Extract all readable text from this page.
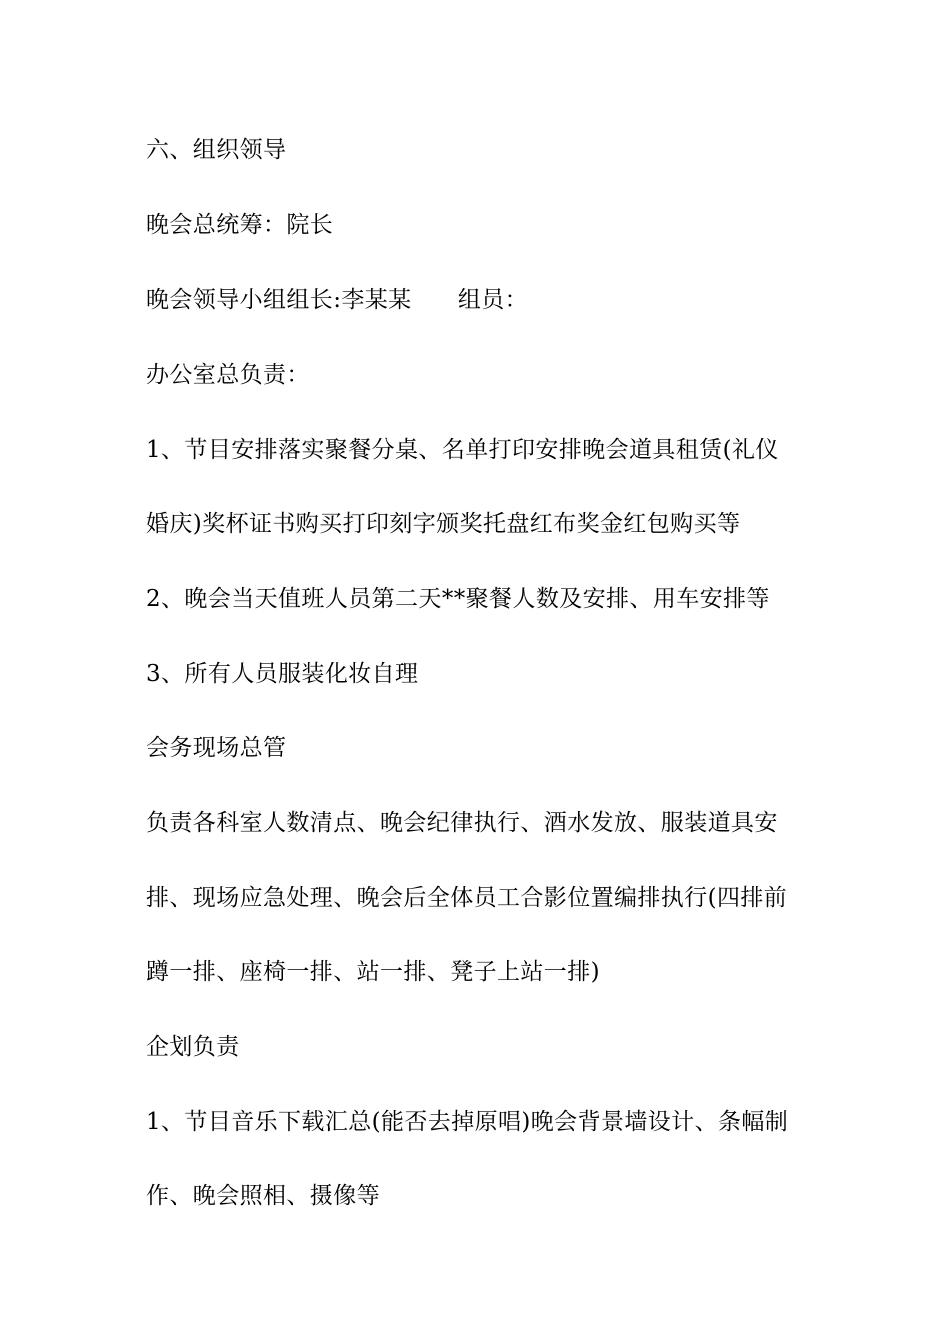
六、组织领导
晚会总统筹：院长
晚会领导小组组长:李某某      组员：
办公室总负责：
1、节目安排落实聚餐分桌、名单打印安排晚会道具租赁(礼仪
婚庆)奖杯证书购买打印刻字颁奖托盘红布奖金红包购买等
2、晚会当天值班人员第二天**聚餐人数及安排、用车安排等
3、所有人员服装化妆自理
会务现场总管
负责各科室人数清点、晚会纪律执行、酒水发放、服装道具安
排、现场应急处理、晚会后全体员工合影位置编排执行(四排前
蹲一排、座椅一排、站一排、凳子上站一排)
企划负责
1、节目音乐下载汇总(能否去掉原唱)晚会背景墙设计、条幅制
作、晚会照相、摄像等
